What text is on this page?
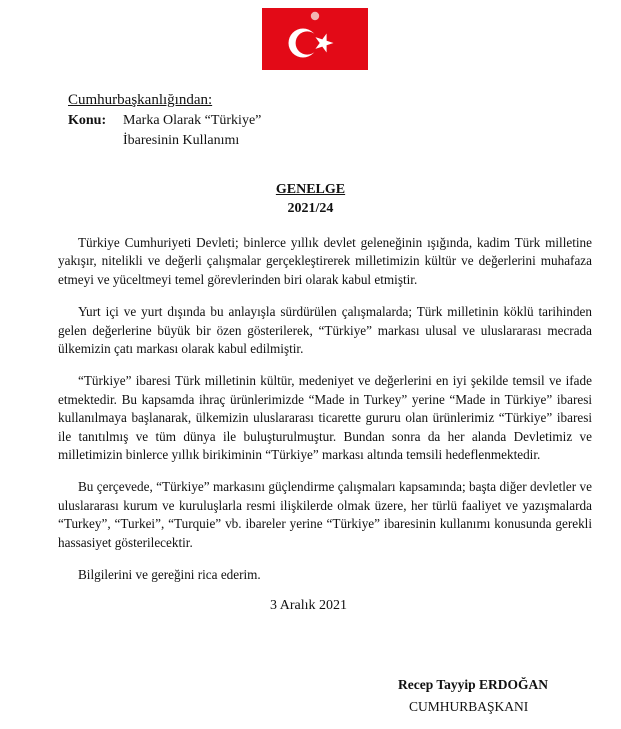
Cumhurbaşkanlığından:
Konu: Marka Olarak “Türkiye”
İbaresinin Kullanımı
GENELGE
2021/24

Türkiye Cumhuriyeti Devleti; binlerce yıllık devlet geleneğinin ışığında, kadim Türk milletine yakışır, nitelikli ve değerli çalışmalar gerçekleştirerek milletimizin kültür ve değerlerini muhafaza etmeyi ve yüceltmeyi temel görevlerinden biri olarak kabul etmiştir.

Yurt içi ve yurt dışında bu anlayışla sürdürülen çalışmalarda; Türk milletinin köklü tarihinden gelen değerlerine büyük bir özen gösterilerek, “Türkiye” markası ulusal ve uluslararası mecrada ülkemizin çatı markası olarak kabul edilmiştir.

“Türkiye” ibaresi Türk milletinin kültür, medeniyet ve değerlerini en iyi şekilde temsil ve ifade etmektedir. Bu kapsamda ihraç ürünlerimizde “Made in Turkey” yerine “Made in Türkiye” ibaresi kullanılmaya başlanarak, ülkemizin uluslararası ticarette gururu olan ürünlerimiz “Türkiye” ibaresi ile tanıtılmış ve tüm dünya ile buluşturulmuştur. Bundan sonra da her alanda Devletimiz ve milletimizin binlerce yıllık birikiminin “Türkiye” markası altında temsili hedeflenmektedir.

Bu çerçevede, “Türkiye” markasını güçlendirme çalışmaları kapsamında; başta diğer devletler ve uluslararası kurum ve kuruluşlarla resmi ilişkilerde olmak üzere, her türlü faaliyet ve yazışmalarda “Turkey”, “Turkei”, “Turquie” vb. ibareler yerine “Türkiye” ibaresinin kullanımı konusunda gerekli hassasiyet gösterilecektir.

Bilgilerini ve gereğini rica ederim.

3 Aralık 2021
Recep Tayyip ERDOĞAN
CUMHURBAŞKANI
